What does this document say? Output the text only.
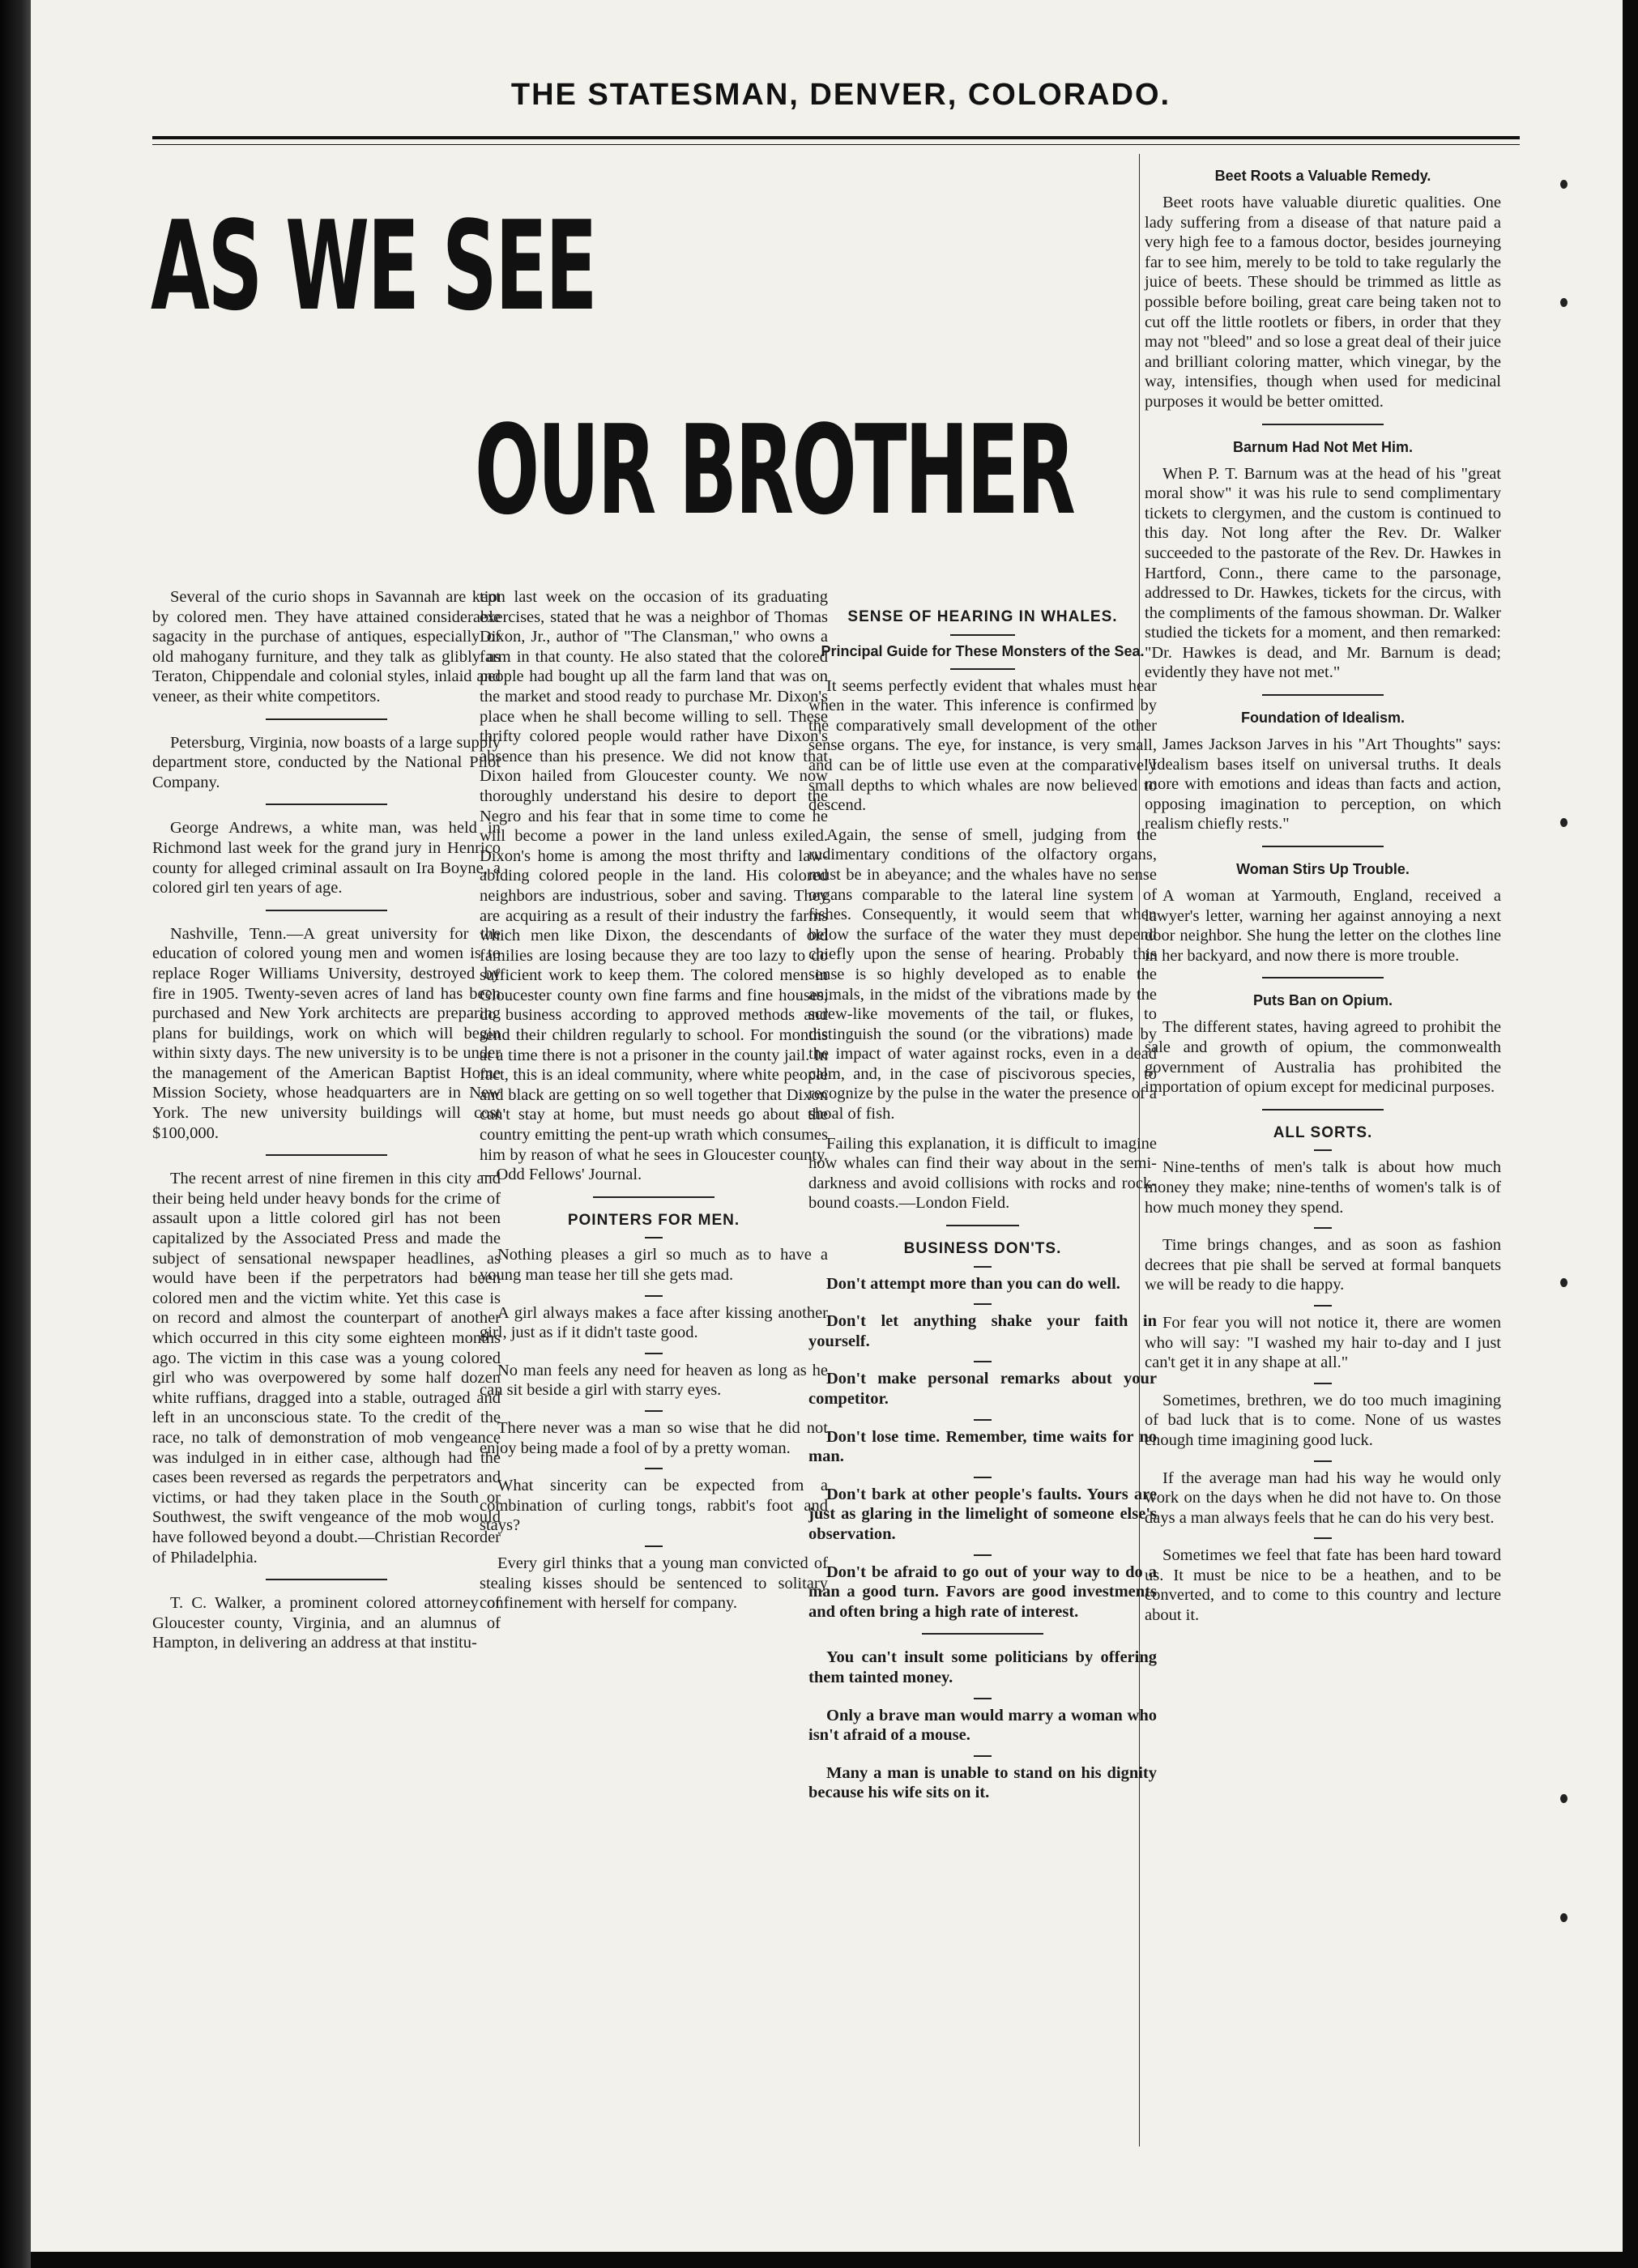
THE STATESMAN, DENVER, COLORADO.
AS WE SEE
OUR BROTHER

Several of the curio shops in Savannah are kept by colored men. They have attained considerable sagacity in the purchase of antiques, especially of old mahogany furniture, and they talk as glibly as Teraton, Chippendale and colonial styles, inlaid and veneer, as their white competitors.

Petersburg, Virginia, now boasts of a large supply department store, conducted by the National Pilot Company.

George Andrews, a white man, was held in Richmond last week for the grand jury in Henrico county for alleged criminal assault on Ira Boyne, a colored girl ten years of age.

Nashville, Tenn.—A great university for the education of colored young men and women is to replace Roger Williams University, destroyed by fire in 1905. Twenty-seven acres of land has been purchased and New York architects are preparing plans for buildings, work on which will begin within sixty days. The new university is to be under the management of the American Baptist Home Mission Society, whose headquarters are in New York. The new university buildings will cost $100,000.

The recent arrest of nine firemen in this city and their being held under heavy bonds for the crime of assault upon a little colored girl has not been capitalized by the Associated Press and made the subject of sensational newspaper headlines, as would have been if the perpetrators had been colored men and the victim white. Yet this case is on record and almost the counterpart of another which occurred in this city some eighteen months ago. The victim in this case was a young colored girl who was overpowered by some half dozen white ruffians, dragged into a stable, outraged and left in an unconscious state. To the credit of the race, no talk of demonstration of mob vengeance was indulged in in either case, although had the cases been reversed as regards the perpetrators and victims, or had they taken place in the South or Southwest, the swift vengeance of the mob would have followed beyond a doubt.—Christian Recorder of Philadelphia.

T. C. Walker, a prominent colored attorney of Gloucester county, Virginia, and an alumnus of Hampton, in delivering an address at that institu-

tion last week on the occasion of its graduating exercises, stated that he was a neighbor of Thomas Dixon, Jr., author of "The Clansman," who owns a farm in that county. He also stated that the colored people had bought up all the farm land that was on the market and stood ready to purchase Mr. Dixon's place when he shall become willing to sell. These thrifty colored people would rather have Dixon's absence than his presence. We did not know that Dixon hailed from Gloucester county. We now thoroughly understand his desire to deport the Negro and his fear that in some time to come he will become a power in the land unless exiled. Dixon's home is among the most thrifty and law-abiding colored people in the land. His colored neighbors are industrious, sober and saving. They are acquiring as a result of their industry the farms which men like Dixon, the descendants of old families are losing because they are too lazy to do sufficient work to keep them. The colored men in Gloucester county own fine farms and fine houses, do business according to approved methods and send their children regularly to school. For months at a time there is not a prisoner in the county jail. In fact, this is an ideal community, where white people and black are getting on so well together that Dixon can't stay at home, but must needs go about the country emitting the pent-up wrath which consumes him by reason of what he sees in Gloucester county.—Odd Fellows' Journal.

POINTERS FOR MEN.

Nothing pleases a girl so much as to have a young man tease her till she gets mad.

A girl always makes a face after kissing another girl, just as if it didn't taste good.

No man feels any need for heaven as long as he can sit beside a girl with starry eyes.

There never was a man so wise that he did not enjoy being made a fool of by a pretty woman.

What sincerity can be expected from a combination of curling tongs, rabbit's foot and stays?

Every girl thinks that a young man convicted of stealing kisses should be sentenced to solitary confinement with herself for company.

SENSE OF HEARING IN WHALES.
Principal Guide for These Monsters of the Sea.

It seems perfectly evident that whales must hear when in the water. This inference is confirmed by the comparatively small development of the other sense organs. The eye, for instance, is very small, and can be of little use even at the comparatively small depths to which whales are now believed to descend.

Again, the sense of smell, judging from the rudimentary conditions of the olfactory organs, must be in abeyance; and the whales have no sense organs comparable to the lateral line system of fishes. Consequently, it would seem that when below the surface of the water they must depend chiefly upon the sense of hearing. Probably this sense is so highly developed as to enable the animals, in the midst of the vibrations made by the screw-like movements of the tail, or flukes, to distinguish the sound (or the vibrations) made by the impact of water against rocks, even in a dead calm, and, in the case of piscivorous species, to recognize by the pulse in the water the presence of a shoal of fish.

Failing this explanation, it is difficult to imagine how whales can find their way about in the semi-darkness and avoid collisions with rocks and rock-bound coasts.—London Field.

BUSINESS DON'TS.

Don't attempt more than you can do well.

Don't let anything shake your faith in yourself.

Don't make personal remarks about your competitor.

Don't lose time. Remember, time waits for no man.

Don't bark at other people's faults. Yours are just as glaring in the limelight of someone else's observation.

Don't be afraid to go out of your way to do a man a good turn. Favors are good investments and often bring a high rate of interest.

You can't insult some politicians by offering them tainted money.

Only a brave man would marry a woman who isn't afraid of a mouse.

Many a man is unable to stand on his dignity because his wife sits on it.

Beet Roots a Valuable Remedy.

Beet roots have valuable diuretic qualities. One lady suffering from a disease of that nature paid a very high fee to a famous doctor, besides journeying far to see him, merely to be told to take regularly the juice of beets. These should be trimmed as little as possible before boiling, great care being taken not to cut off the little rootlets or fibers, in order that they may not "bleed" and so lose a great deal of their juice and brilliant coloring matter, which vinegar, by the way, intensifies, though when used for medicinal purposes it would be better omitted.

Barnum Had Not Met Him.

When P. T. Barnum was at the head of his "great moral show" it was his rule to send complimentary tickets to clergymen, and the custom is continued to this day. Not long after the Rev. Dr. Walker succeeded to the pastorate of the Rev. Dr. Hawkes in Hartford, Conn., there came to the parsonage, addressed to Dr. Hawkes, tickets for the circus, with the compliments of the famous showman. Dr. Walker studied the tickets for a moment, and then remarked: "Dr. Hawkes is dead, and Mr. Barnum is dead; evidently they have not met."

Foundation of Idealism.

James Jackson Jarves in his "Art Thoughts" says: "Idealism bases itself on universal truths. It deals more with emotions and ideas than facts and action, opposing imagination to perception, on which realism chiefly rests."

Woman Stirs Up Trouble.

A woman at Yarmouth, England, received a lawyer's letter, warning her against annoying a next door neighbor. She hung the letter on the clothes line in her backyard, and now there is more trouble.

Puts Ban on Opium.

The different states, having agreed to prohibit the sale and growth of opium, the commonwealth government of Australia has prohibited the importation of opium except for medicinal purposes.

ALL SORTS.

Nine-tenths of men's talk is about how much money they make; nine-tenths of women's talk is of how much money they spend.

Time brings changes, and as soon as fashion decrees that pie shall be served at formal banquets we will be ready to die happy.

For fear you will not notice it, there are women who will say: "I washed my hair to-day and I just can't get it in any shape at all."

Sometimes, brethren, we do too much imagining of bad luck that is to come. None of us wastes enough time imagining good luck.

If the average man had his way he would only work on the days when he did not have to. On those days a man always feels that he can do his very best.

Sometimes we feel that fate has been hard toward us. It must be nice to be a heathen, and to be converted, and to come to this country and lecture about it.
